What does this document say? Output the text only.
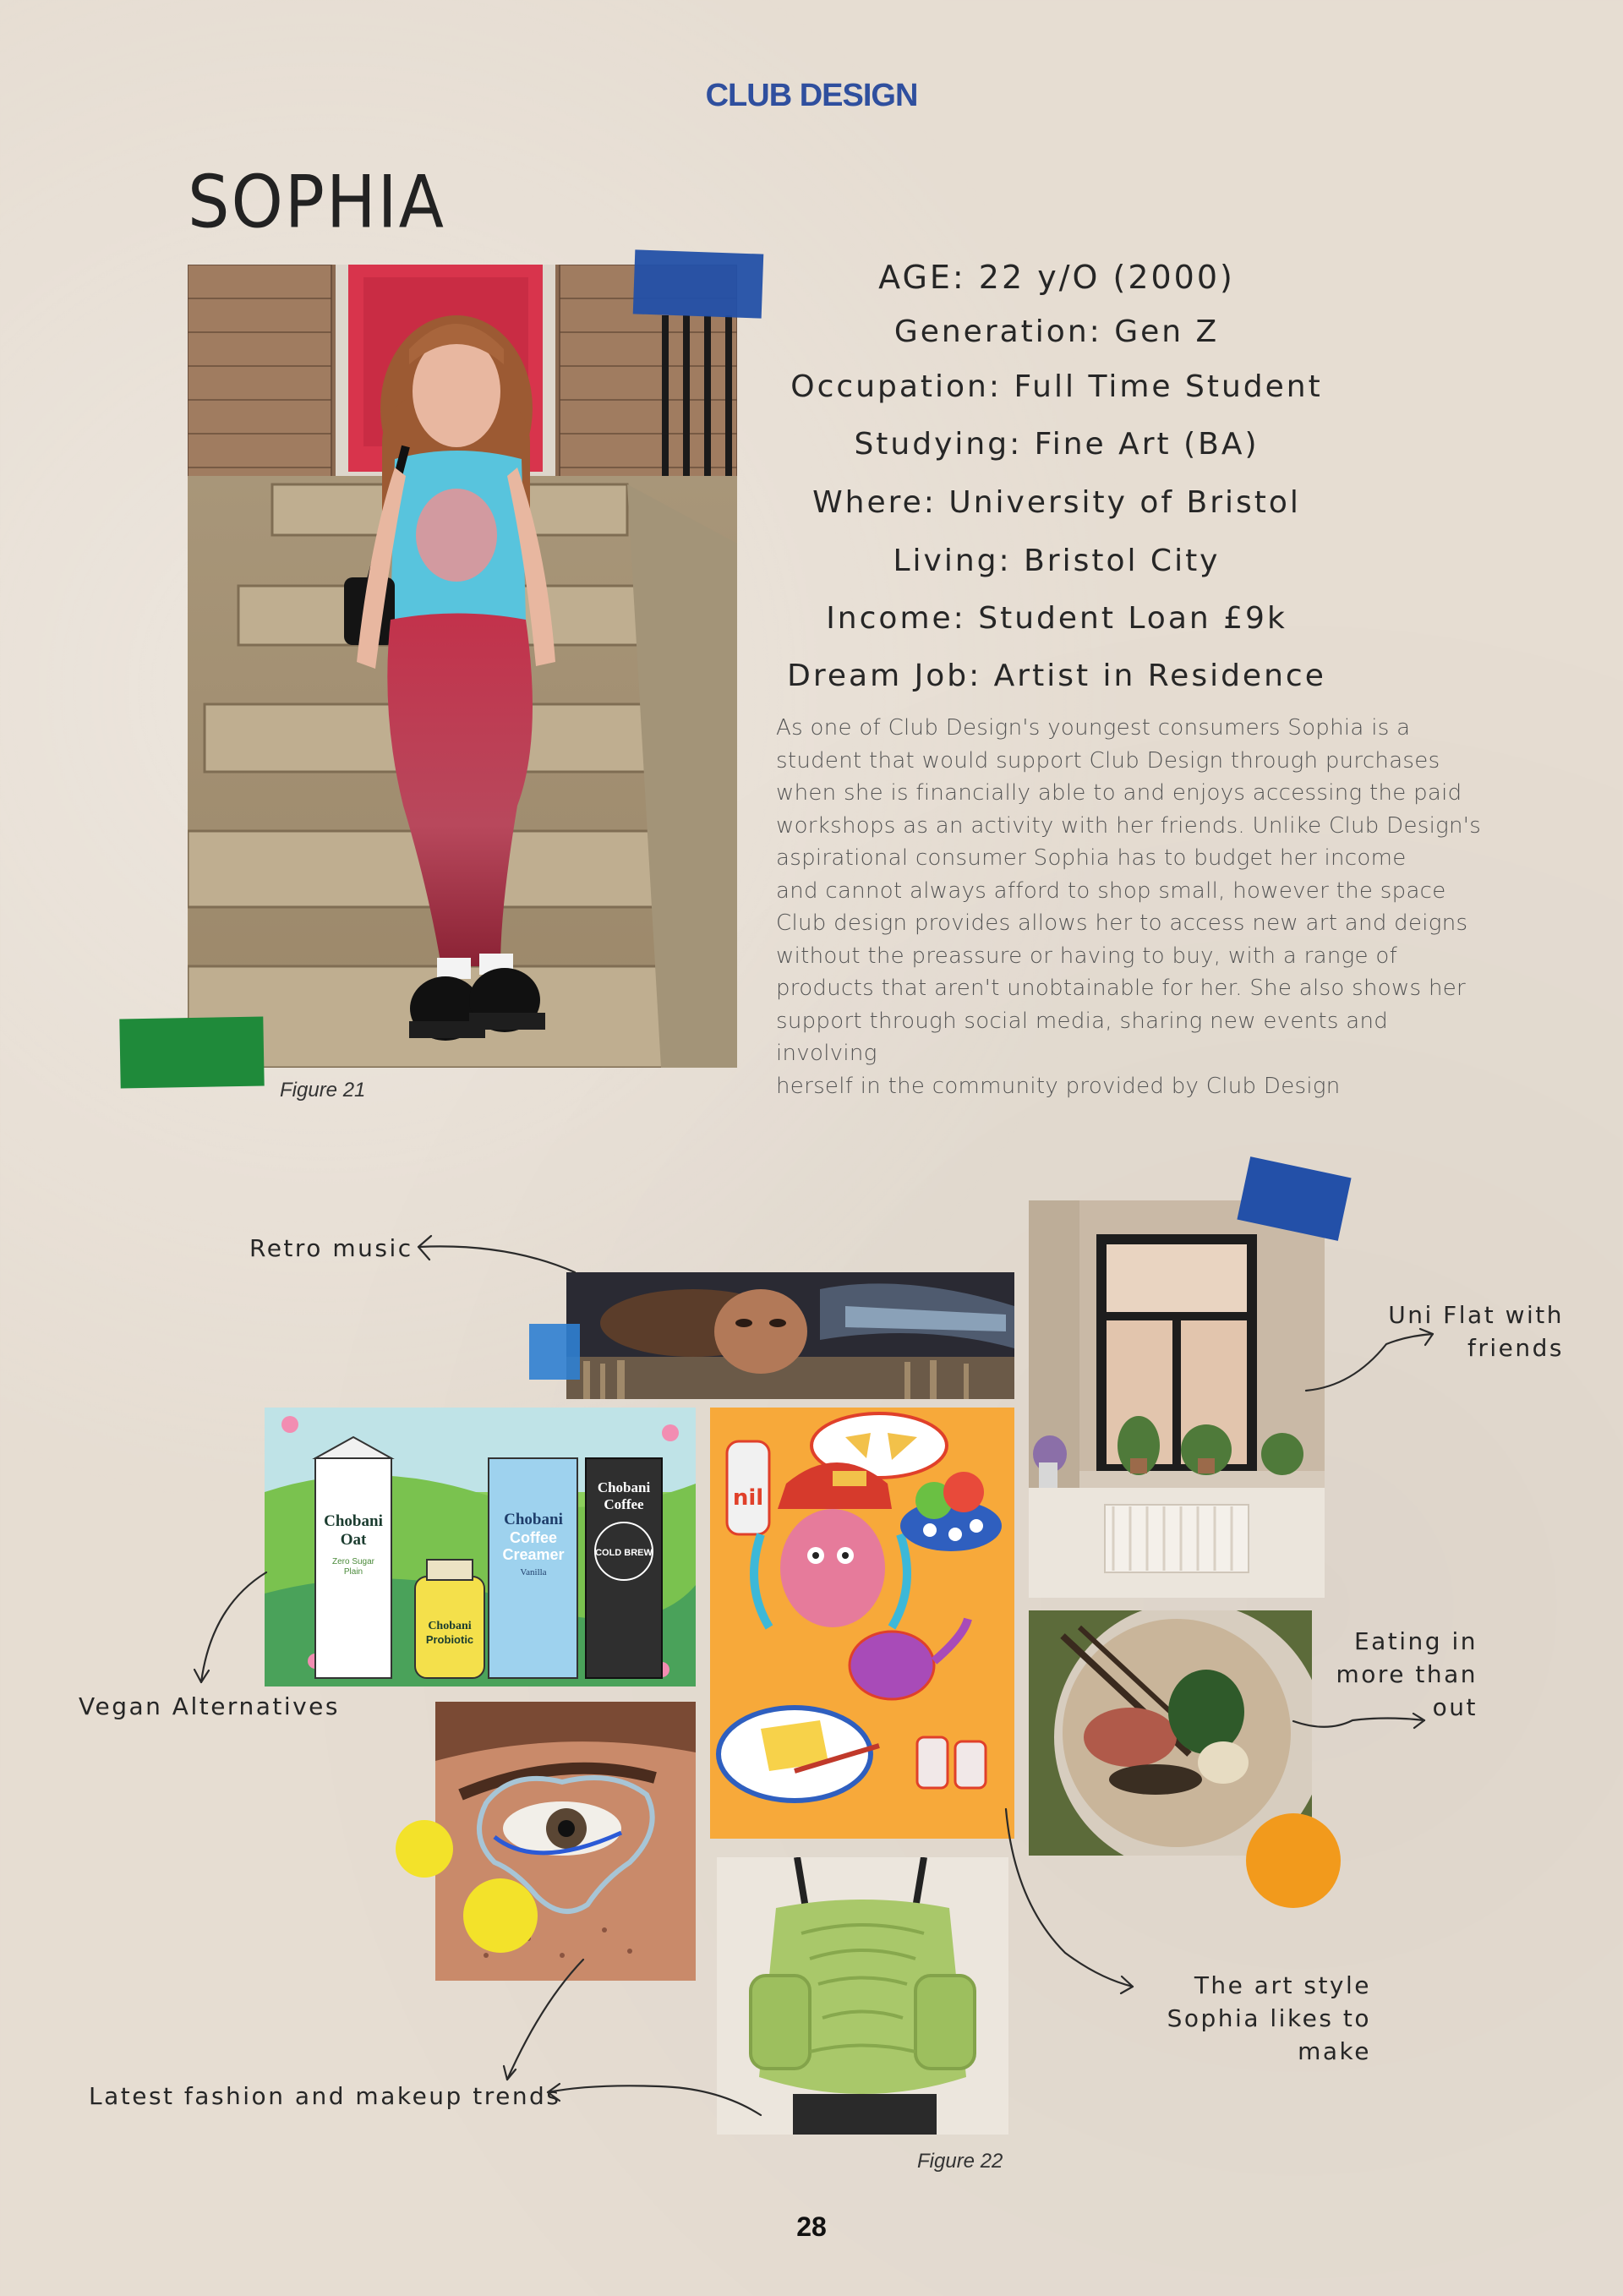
CLUB DESIGN
SOPHIA
Figure 21

AGE: 22 y/O (2000)

Generation: Gen Z

Occupation: Full Time Student

Studying: Fine Art (BA)

Where: University of Bristol

Living: Bristol City

Income: Student Loan £9k

Dream Job: Artist in Residence

As one of Club Design's youngest consumers Sophia is a
student that would support Club Design through purchases
when she is financially able to and enjoys accessing the paid
workshops as an activity with her friends. Unlike Club Design's
aspirational consumer Sophia has to budget her income
and cannot always afford to shop small, however the space
Club design provides allows her to access new art and deigns
without the preassure or having to buy, with a range of
products that aren't unobtainable for her. She also shows her
support through social media, sharing new events and involving
herself in the community provided by Club Design
Chobani
Oat
Zero Sugar
Plain
Chobani
Coffee
Creamer
Vanilla
Chobani
Probiotic
Chobani
Coffee
COLD BREW
nil
Retro music
Uni Flat with
friends
Vegan Alternatives
Eating in
more than
out
The art style
Sophia likes to
make
Latest fashion and makeup trends
Figure 22
28
